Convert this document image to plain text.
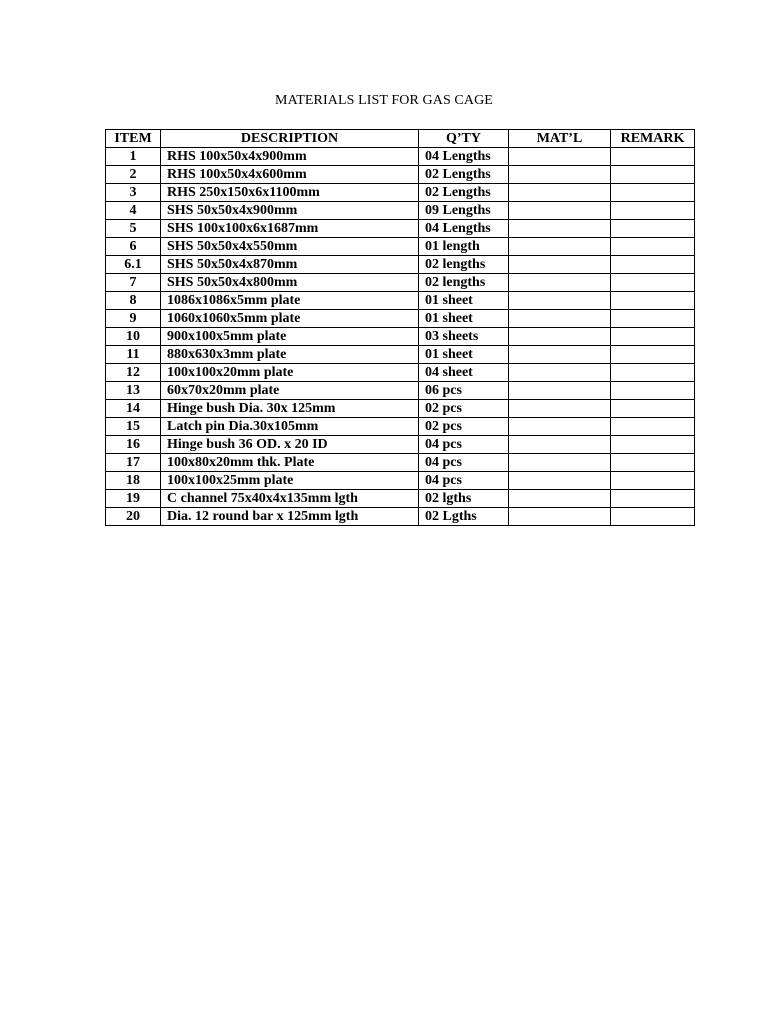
MATERIALS LIST FOR GAS CAGE
ITEM	DESCRIPTION	Q’TY	MAT’L	REMARK
1	RHS 100x50x4x900mm	04 Lengths		
2	RHS 100x50x4x600mm	02 Lengths		
3	RHS 250x150x6x1100mm	02 Lengths		
4	SHS 50x50x4x900mm	09 Lengths		
5	SHS 100x100x6x1687mm	04 Lengths		
6	SHS 50x50x4x550mm	01 length		
6.1	SHS 50x50x4x870mm	02 lengths		
7	SHS 50x50x4x800mm	02 lengths		
8	1086x1086x5mm plate	01 sheet		
9	1060x1060x5mm plate	01 sheet		
10	900x100x5mm plate	03 sheets		
11	880x630x3mm plate	01 sheet		
12	100x100x20mm plate	04 sheet		
13	60x70x20mm plate	06 pcs		
14	Hinge bush Dia. 30x 125mm	02 pcs		
15	Latch pin Dia.30x105mm	02 pcs		
16	Hinge bush 36 OD. x 20 ID	04 pcs		
17	100x80x20mm thk. Plate	04 pcs		
18	100x100x25mm plate	04 pcs		
19	C channel 75x40x4x135mm lgth	02 lgths		
20	Dia. 12 round bar x 125mm lgth	02 Lgths		
